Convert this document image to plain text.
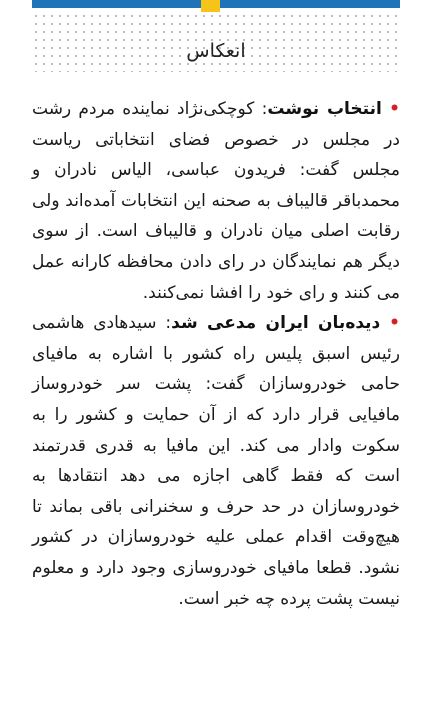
انعکاس

• انتخاب نوشت: کوچکی‌نژاد نماینده مردم رشت در مجلس در خصوص فضای انتخاباتی ریاست مجلس گفت: فریدون عباسی، الیاس نادران و محمدباقر قالیباف به صحنه این انتخابات آمده‌اند ولی رقابت اصلی میان نادران و قالیباف است. از سوی دیگر هم نمایندگان در رای دادن محافظه کارانه عمل می کنند و رای خود را افشا نمی‌کنند.

• دیده‌بان ایران مدعی شد: سیدهادی هاشمی رئیس اسبق پلیس راه کشور با اشاره به مافیای حامی خودروسازان گفت: پشت سر خودروساز مافیایی قرار دارد که از آن حمایت و کشور را به سکوت وادار می کند. این مافیا به قدری قدرتمند است که فقط گاهی اجازه می دهد انتقادها به خودروسازان در حد حرف و سخنرانی باقی بماند تا هیچ‌وقت اقدام عملی علیه خودروسازان در کشور نشود. قطعا مافیای خودروسازی وجود دارد و معلوم نیست پشت پرده چه خبر است.
